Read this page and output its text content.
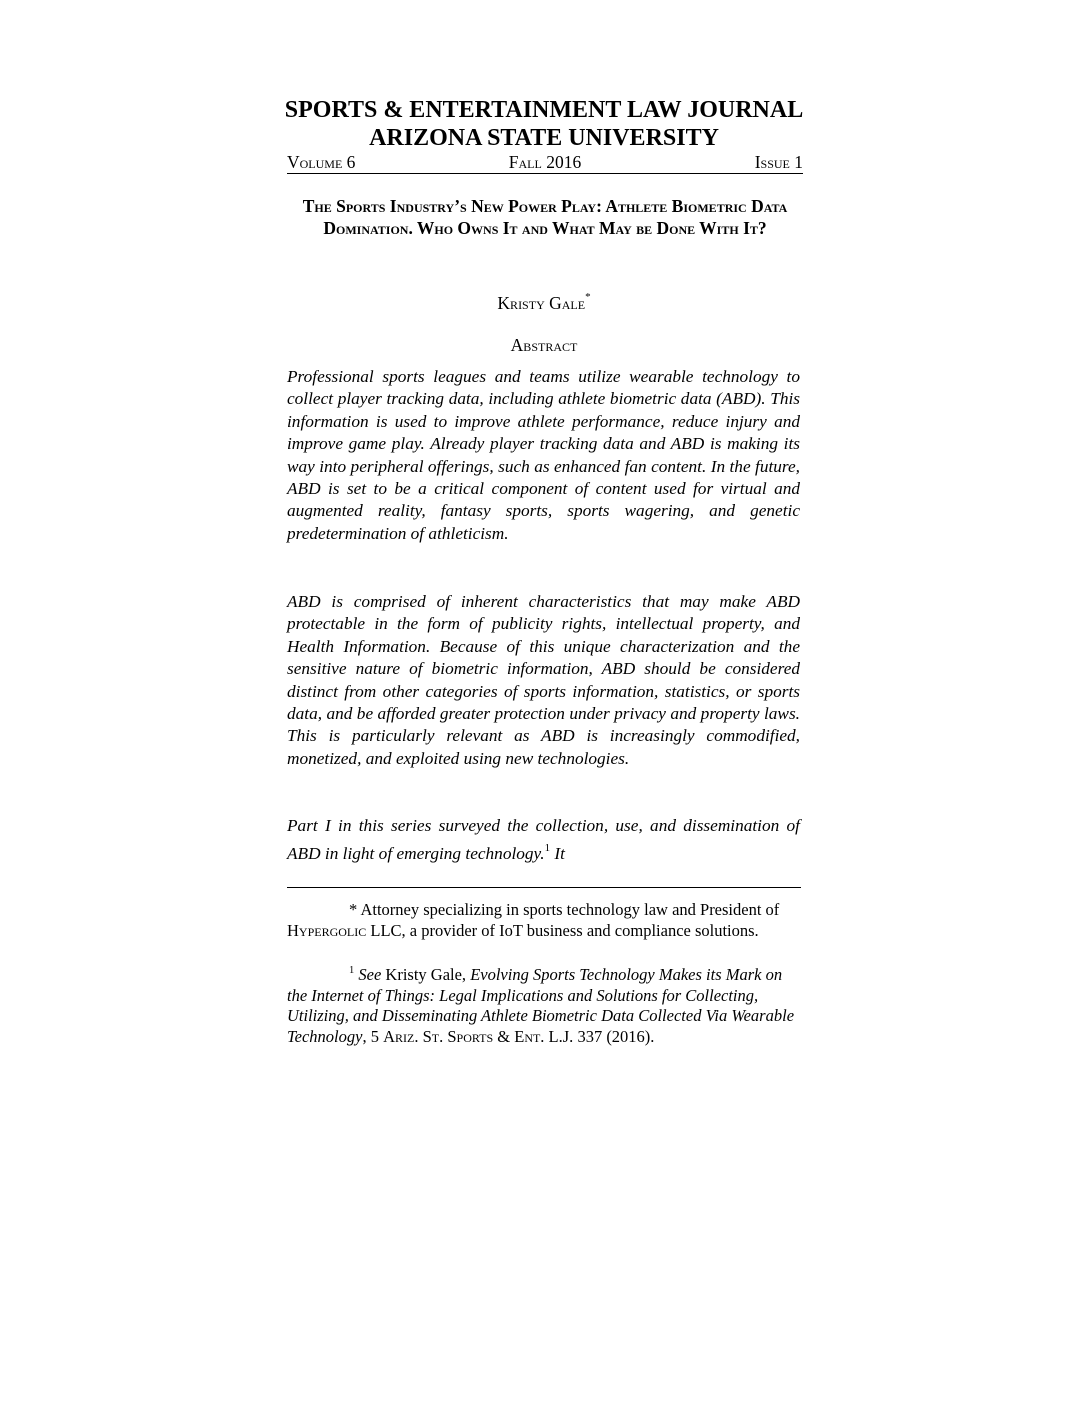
SPORTS & ENTERTAINMENT LAW JOURNAL
ARIZONA STATE UNIVERSITY
Volume 6	Fall 2016	Issue 1
The Sports Industry’s New Power Play: Athlete Biometric Data Domination. Who Owns It and What May be Done With It?
Kristy Gale*
Abstract

Professional sports leagues and teams utilize wearable technology to collect player tracking data, including athlete biometric data (ABD). This information is used to improve athlete performance, reduce injury and improve game play. Already player tracking data and ABD is making its way into peripheral offerings, such as enhanced fan content. In the future, ABD is set to be a critical component of content used for virtual and augmented reality, fantasy sports, sports wagering, and genetic predetermination of athleticism.

ABD is comprised of inherent characteristics that may make ABD protectable in the form of publicity rights, intellectual property, and Health Information. Because of this unique characterization and the sensitive nature of biometric information, ABD should be considered distinct from other categories of sports information, statistics, or sports data, and be afforded greater protection under privacy and property laws. This is particularly relevant as ABD is increasingly commodified, monetized, and exploited using new technologies.

Part I in this series surveyed the collection, use, and dissemination of ABD in light of emerging technology.$^1$ It

* Attorney specializing in sports technology law and President of Hypergolic LLC, a provider of IoT business and compliance solutions.

$^1$ See Kristy Gale, Evolving Sports Technology Makes its Mark on the Internet of Things: Legal Implications and Solutions for Collecting, Utilizing, and Disseminating Athlete Biometric Data Collected Via Wearable Technology, 5 Ariz. St. Sports & Ent. L.J. 337 (2016).
